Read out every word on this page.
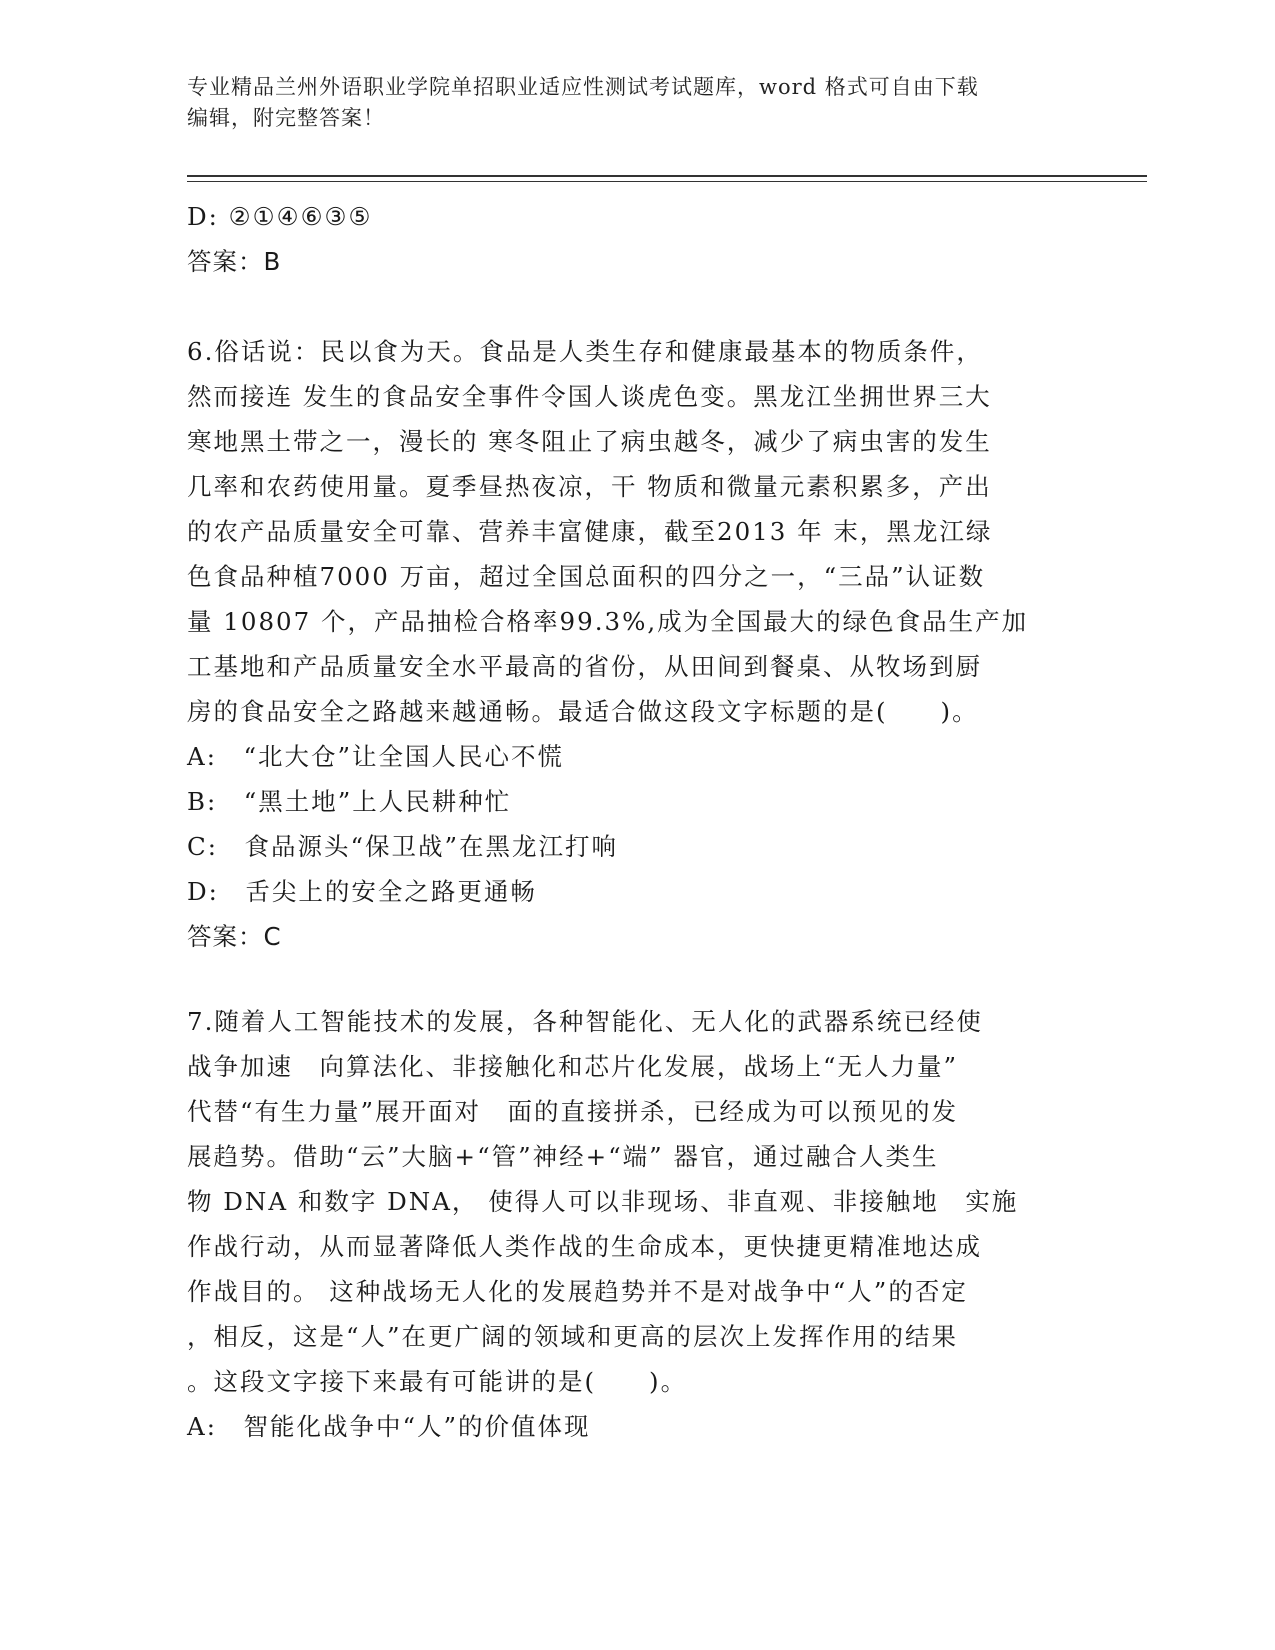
专业精品兰州外语职业学院单招职业适应性测试考试题库，word 格式可自由下载
编辑，附完整答案！
D: ②①④⑥③⑤
答案：B
6.俗话说：民以食为天。食品是人类生存和健康最基本的物质条件，
然而接连 发生的食品安全事件令国人谈虎色变。黑龙江坐拥世界三大
寒地黑土带之一，漫长的 寒冬阻止了病虫越冬，减少了病虫害的发生
几率和农药使用量。夏季昼热夜凉，干 物质和微量元素积累多，产出
的农产品质量安全可靠、营养丰富健康，截至2013 年 末，黑龙江绿
色食品种植7000 万亩，超过全国总面积的四分之一，“三品”认证数
量 10807 个，产品抽检合格率99.3%,成为全国最大的绿色食品生产加
工基地和产品质量安全水平最高的省份，从田间到餐桌、从牧场到厨
房的食品安全之路越来越通畅。最适合做这段文字标题的是(　　)。
A:　“北大仓”让全国人民心不慌
B:　“黑土地”上人民耕种忙
C:　食品源头“保卫战”在黑龙江打响
D:　舌尖上的安全之路更通畅
答案：C
7.随着人工智能技术的发展，各种智能化、无人化的武器系统已经使
战争加速　向算法化、非接触化和芯片化发展，战场上“无人力量”
代替“有生力量”展开面对　面的直接拼杀，已经成为可以预见的发
展趋势。借助“云”大脑+“管”神经+“端” 器官，通过融合人类生
物 DNA 和数字 DNA， 使得人可以非现场、非直观、非接触地　实施
作战行动，从而显著降低人类作战的生命成本，更快捷更精准地达成
作战目的。 这种战场无人化的发展趋势并不是对战争中“人”的否定
，相反，这是“人”在更广阔的领域和更高的层次上发挥作用的结果
。这段文字接下来最有可能讲的是(　　)。
A:　智能化战争中“人”的价值体现
